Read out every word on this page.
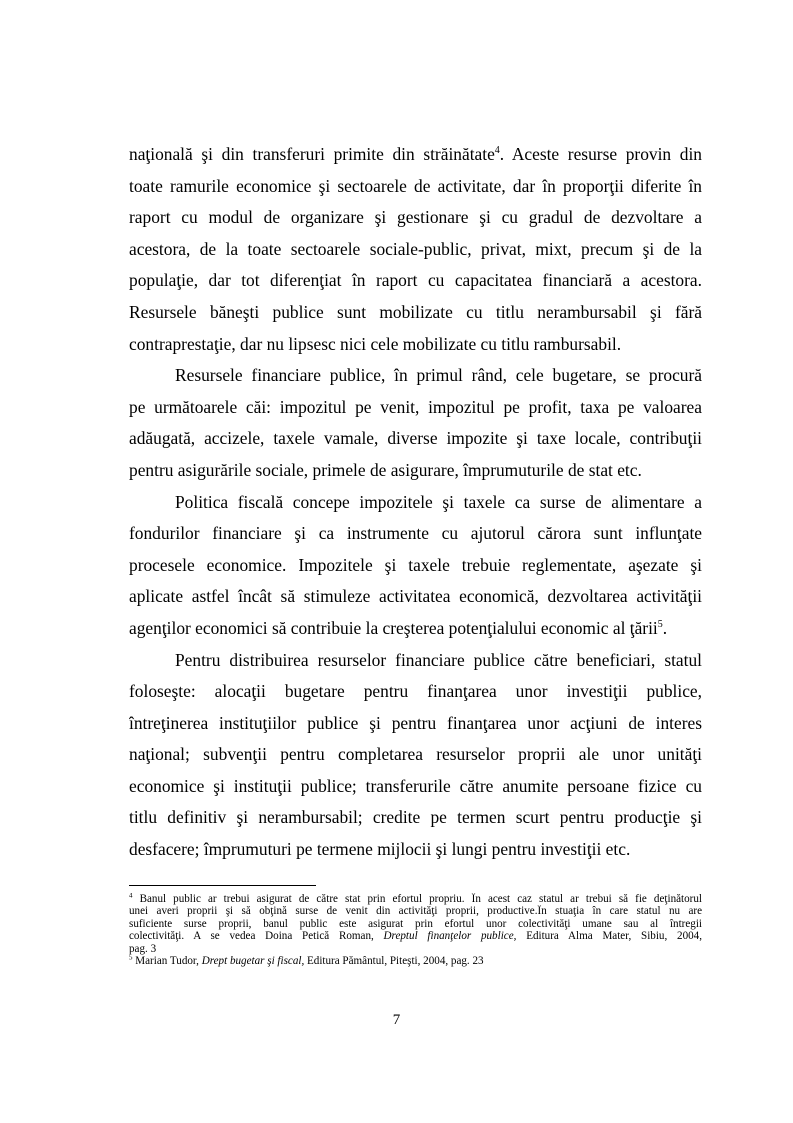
naţională şi din transferuri primite din străinătate$^4$. Aceste resurse provin din
toate ramurile economice şi sectoarele de activitate, dar în proporţii diferite în
raport cu modul de organizare şi gestionare şi cu gradul de dezvoltare a
acestora, de la toate sectoarele sociale-public, privat, mixt, precum şi de la
populaţie, dar tot diferenţiat în raport cu capacitatea financiară a acestora.
Resursele băneşti publice sunt mobilizate cu titlu nerambursabil şi fără
contraprestaţie, dar nu lipsesc nici cele mobilizate cu titlu rambursabil.
Resursele financiare publice, în primul rând, cele bugetare, se procură
pe următoarele căi: impozitul pe venit, impozitul pe profit, taxa pe valoarea
adăugată, accizele, taxele vamale, diverse impozite şi taxe locale, contribuţii
pentru asigurările sociale, primele de asigurare, împrumuturile de stat etc.
Politica fiscală concepe impozitele şi taxele ca surse de alimentare a
fondurilor financiare şi ca instrumente cu ajutorul cărora sunt influnţate
procesele economice. Impozitele şi taxele trebuie reglementate, aşezate şi
aplicate astfel încât să stimuleze activitatea economică, dezvoltarea activităţii
agenţilor economici să contribuie la creşterea potenţialului economic al ţării$^5$.
Pentru distribuirea resurselor financiare publice către beneficiari, statul
foloseşte: alocaţii bugetare pentru finanţarea unor investiţii publice,
întreţinerea instituţiilor publice şi pentru finanţarea unor acţiuni de interes
naţional; subvenţii pentru completarea resurselor proprii ale unor unităţi
economice şi instituţii publice; transferurile către anumite persoane fizice cu
titlu definitiv şi nerambursabil; credite pe termen scurt pentru producţie şi
desfacere; împrumuturi pe termene mijlocii şi lungi pentru investiţii etc.
$^4$ Banul public ar trebui asigurat de către stat prin efortul propriu. În acest caz statul ar trebui să fie deţinătorul
unei averi proprii şi să obţină surse de venit din activităţi proprii, productive.În stuaţia în care statul nu are
suficiente surse proprii, banul public este asigurat prin efortul unor colectivităţi umane sau al întregii
colectivităţi. A se vedea Doina Petică Roman, Dreptul finanţelor publice, Editura Alma Mater, Sibiu, 2004,
pag. 3
$^5$ Marian Tudor, Drept bugetar şi fiscal, Editura Pământul, Piteşti, 2004, pag. 23
7
